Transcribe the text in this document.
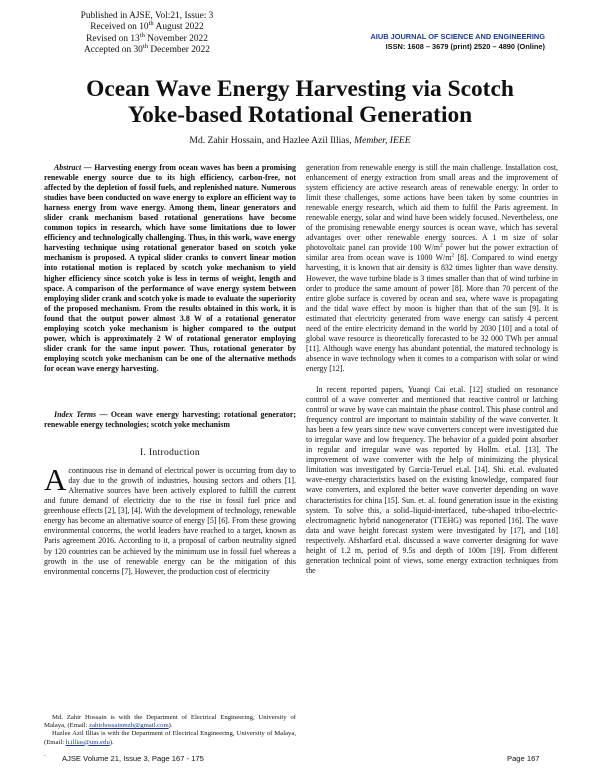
Published in AJSE, Vol:21, Issue: 3
Received on 10th August 2022
Revised on 13th November 2022
Accepted on 30th December 2022
AIUB JOURNAL OF SCIENCE AND ENGINEERING
ISSN: 1608 – 3679 (print) 2520 – 4890 (Online)
Ocean Wave Energy Harvesting via Scotch
Yoke-based Rotational Generation
Md. Zahir Hossain, and Hazlee Azil Illias, Member, IEEE

Abstract — Harvesting energy from ocean waves has been a promising renewable energy source due to its high efficiency, carbon-free, not affected by the depletion of fossil fuels, and replenished nature. Numerous studies have been conducted on wave energy to explore an efficient way to harness energy from wave energy. Among them, linear generators and slider crank mechanism based rotational generations have become common topics in research, which have some limitations due to lower efficiency and technologically challenging. Thus, in this work, wave energy harvesting technique using rotational generator based on scotch yoke mechanism is proposed. A typical slider cranks to convert linear motion into rotational motion is replaced by scotch yoke mechanism to yield higher efficiency since scotch yoke is less in terms of weight, length and space. A comparison of the performance of wave energy system between employing slider crank and scotch yoke is made to evaluate the superiority of the proposed mechanism. From the results obtained in this work, it is found that the output power almost 3.8 W of a rotational generator employing scotch yoke mechanism is higher compared to the output power, which is approximately 2 W of rotational generator employing slider crank for the same input power. Thus, rotational generator by employing scotch yoke mechanism can be one of the alternative methods for ocean wave energy harvesting.

Index Terms — Ocean wave energy harvesting; rotational generator; renewable energy technologies; scotch yoke mechanism

I. Introduction

Acontinuous rise in demand of electrical power is occurring from day to day due to the growth of industries, housing sectors and others [1]. Alternative sources have been actively explored to fulfill the current and future demand of electricity due to the rise in fossil fuel price and greenhouse effects [2], [3], [4]. With the development of technology, renewable energy has become an alternative source of energy [5] [6]. From these growing environmental concerns, the world leaders have reached to a target, known as Paris agreement 2016. According to it, a proposal of carbon neutrality signed by 120 countries can be achieved by the minimum use in fossil fuel whereas a growth in the use of renewable energy can be the mitigation of this environmental concerns [7]. However, the production cost of electricity

generation from renewable energy is still the main challenge. Installation cost, enhancement of energy extraction from small areas and the improvement of system efficiency are active research areas of renewable energy. In order to limit these challenges, some actions have been taken by some countries in renewable energy research, which aid them to fulfil the Paris agreement. In renewable energy, solar and wind have been widely focused. Nevertheless, one of the promising renewable energy sources is ocean wave, which has several advantages over other renewable energy sources. A 1 m size of solar photovoltaic panel can provide 100 $W/m^2$ power but the power extraction of similar area from ocean wave is 1000 $W/m^2$ [8]. Compared to wind energy harvesting, it is known that air density is 832 times lighter than wave density. However, the wave turbine blade is 3 times smaller than that of wind turbine in order to produce the same amount of power [8]. More than 70 percent of the entire globe surface is covered by ocean and sea, where wave is propagating and the tidal wave effect by moon is higher than that of the sun [9]. It is estimated that electricity generated from wave energy can satisfy 4 percent need of the entire electricity demand in the world by 2030 [10] and a total of global wave resource is theoretically forecasted to be 32 000 TWh per annual [11]. Although wave energy has abundant potential, the matured technology is absence in wave technology when it comes to a comparison with solar or wind energy [12].

In recent reported papers, Yuanqi Cai et.al. [12] studied on resonance control of a wave converter and mentioned that reactive control or latching control or wave by wave can maintain the phase control. This phase control and frequency control are important to maintain stability of the wave converter. It has been a few years since new wave converters concept were investigated due to irregular wave and low frequency. The behavior of a guided point absorber in regular and irregular wave was reported by Hollm. et.al. [13]. The improvement of wave converter with the help of minimizing the physical limitation was investigated by Garcia-Teruel et.al. [14]. Shi. et.al. evaluated wave-energy characteristics based on the existing knowledge, compared four wave converters, and explored the better wave converter depending on wave characteristics for china [15]. Sun. et. al. found generation issue in the existing system. To solve this, a solid–liquid-interfaced, tube-shaped tribo-electric-electromagnetic hybrid nanogenerator (TTEHG) was reported [16]. The wave data and wave height forecast system were investigated by [17], and [18] respectively. Afsharfard et.al. discussed a wave converter designing for wave height of 1.2 m, period of 9.5s and depth of 100m [19]. From different generation technical point of views, some energy extraction techniques from the

Md. Zahir Hossain is with the Department of Electrical Engineering, University of Malaya, (Email: zahirhossainmzh@gmail.com).

Hazlee Azil Illias is with the Department of Electrical Engineering, University of Malaya, (Email: h.illias@um.edu).

.	AJSE Volume 21, Issue 3, Page 167 - 175	Page 167
